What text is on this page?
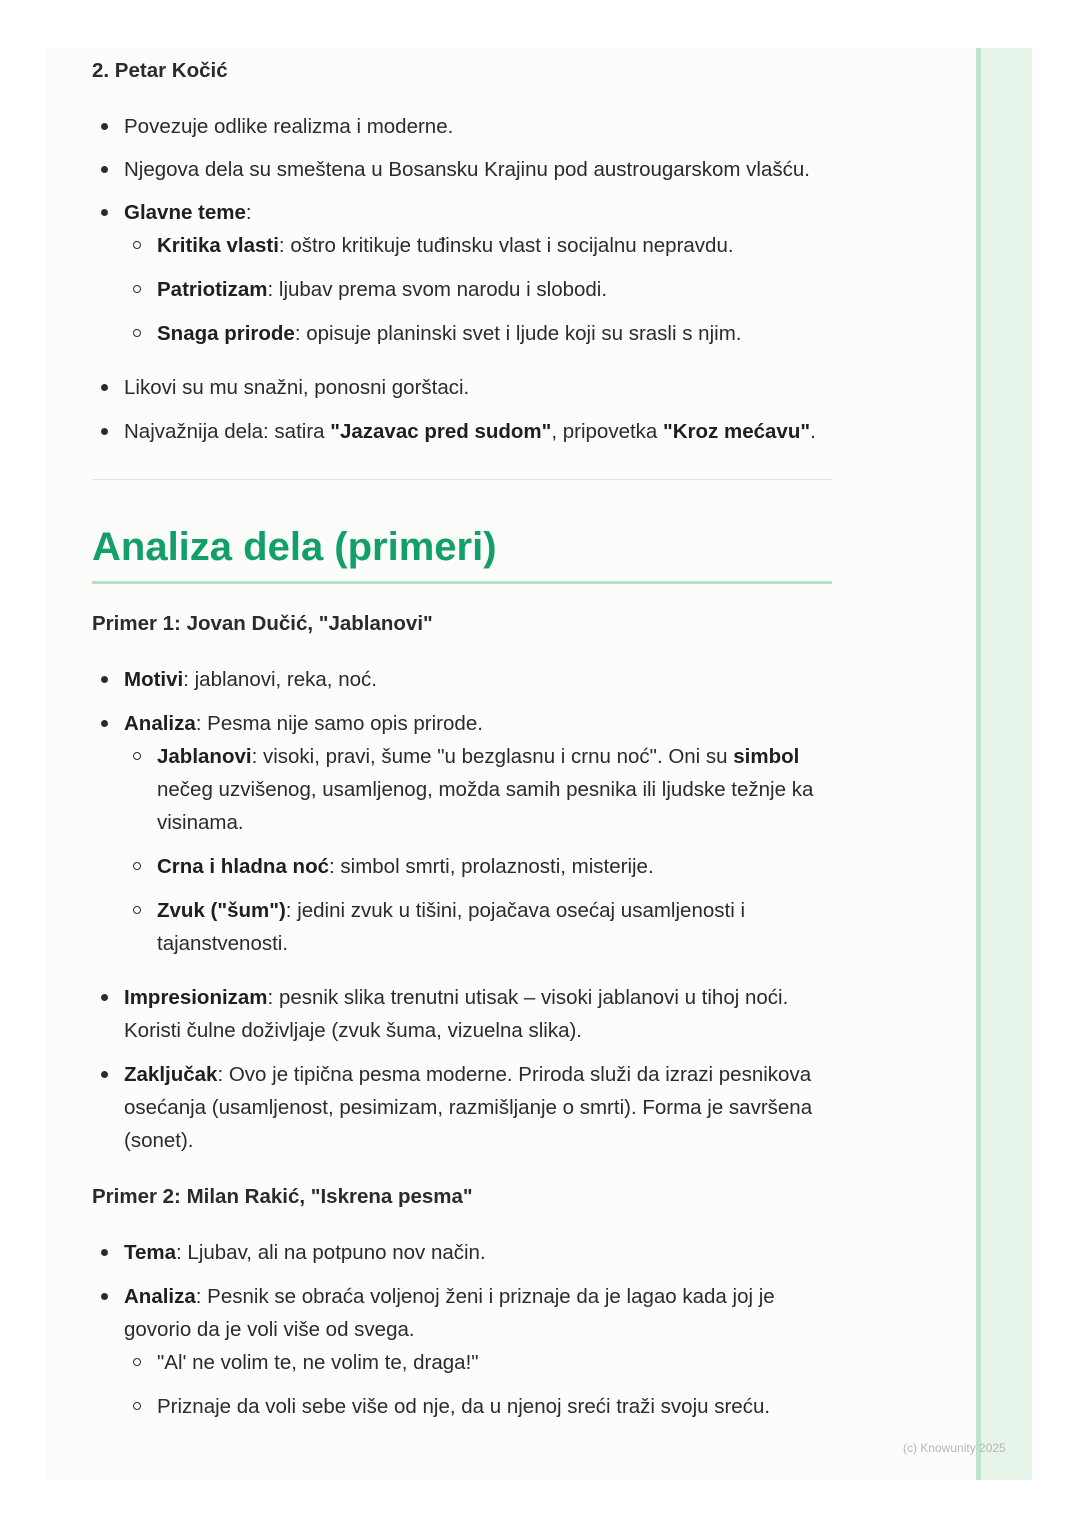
2. Petar Kočić

Povezuje odlike realizma i moderne.
Njegova dela su smeštena u Bosansku Krajinu pod austrougarskom vlašću.
Glavne teme:
Kritika vlasti: oštro kritikuje tuđinsku vlast i socijalnu nepravdu.
Patriotizam: ljubav prema svom narodu i slobodi.
Snaga prirode: opisuje planinski svet i ljude koji su srasli s njim.
Likovi su mu snažni, ponosni gorštaci.
Najvažnija dela: satira "Jazavac pred sudom", pripovetka "Kroz mećavu".

Analiza dela (primeri)

Primer 1: Jovan Dučić, "Jablanovi"

Motivi: jablanovi, reka, noć.
Analiza: Pesma nije samo opis prirode.
Jablanovi: visoki, pravi, šume "u bezglasnu i crnu noć". Oni su simbol nečeg uzvišenog, usamljenog, možda samih pesnika ili ljudske težnje ka visinama.
Crna i hladna noć: simbol smrti, prolaznosti, misterije.
Zvuk ("šum"): jedini zvuk u tišini, pojačava osećaj usamljenosti i tajanstvenosti.
Impresionizam: pesnik slika trenutni utisak – visoki jablanovi u tihoj noći. Koristi čulne doživljaje (zvuk šuma, vizuelna slika).
Zaključak: Ovo je tipična pesma moderne. Priroda služi da izrazi pesnikova osećanja (usamljenost, pesimizam, razmišljanje o smrti). Forma je savršena (sonet).

Primer 2: Milan Rakić, "Iskrena pesma"

Tema: Ljubav, ali na potpuno nov način.
Analiza: Pesnik se obraća voljenoj ženi i priznaje da je lagao kada joj je govorio da je voli više od svega.
"Al' ne volim te, ne volim te, draga!"
Priznaje da voli sebe više od nje, da u njenoj sreći traži svoju sreću.
(c) Knowunity 2025
